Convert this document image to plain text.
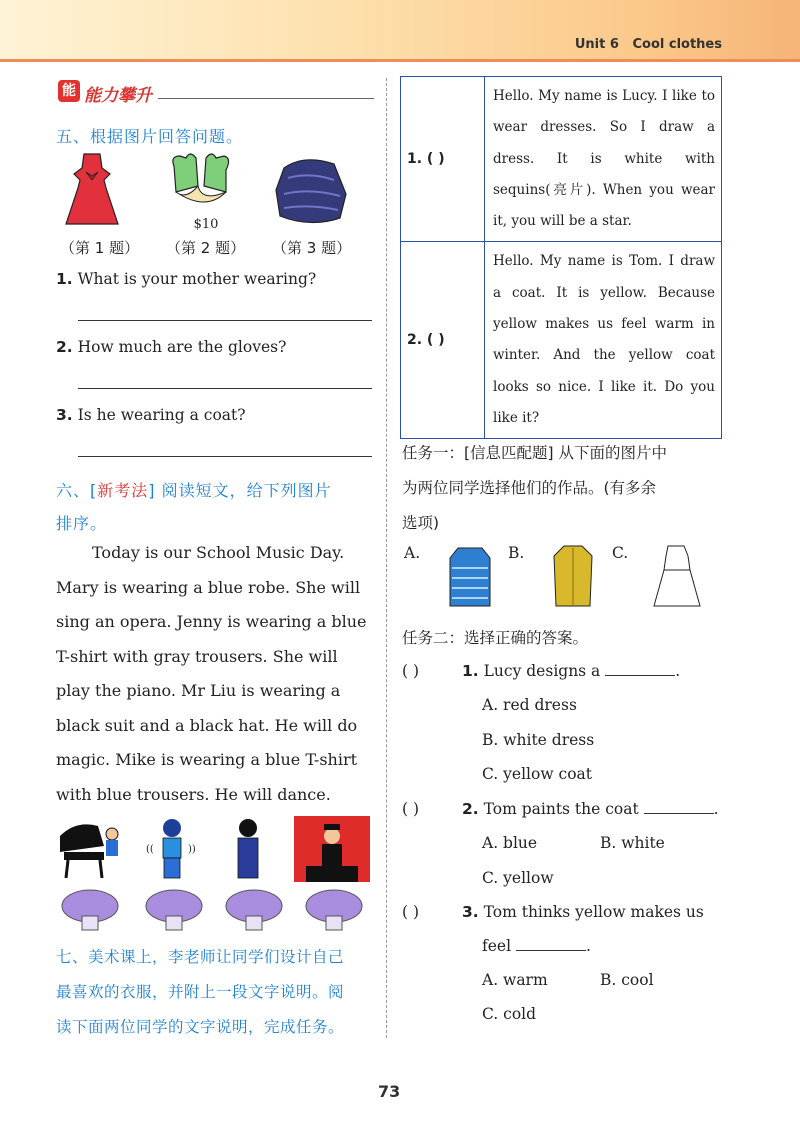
Unit 6 Cool clothes
能 能力攀升
五、根据图片回答问题。
$10
（第 1 题） （第 2 题） （第 3 题）
1. What is your mother wearing?
2. How much are the gloves?
3. Is he wearing a coat?
六、[新考法] 阅读短文，给下列图片
排序。
Today is our School Music Day.
Mary is wearing a blue robe. She will
sing an opera. Jenny is wearing a blue
T-shirt with gray trousers. She will
play the piano. Mr Liu is wearing a
black suit and a black hat. He will do
magic. Mike is wearing a blue T-shirt
with blue trousers. He will dance.
((	))
七、美术课上，李老师让同学们设计自己
最喜欢的衣服，并附上一段文字说明。阅
读下面两位同学的文字说明，完成任务。
1. ( )	Hello. My name is Lucy. I like to wear dresses. So I draw a dress. It is white with sequins(亮片). When you wear it, you will be a star.
2. ( )	Hello. My name is Tom. I draw a coat. It is yellow. Because yellow makes us feel warm in winter. And the yellow coat looks so nice. I like it. Do you like it?
任务一：[信息匹配题] 从下面的图片中
为两位同学选择他们的作品。(有多余
选项)
A.	B.	C.
任务二：选择正确的答案。
( )	1. Lucy designs a	.
A. red dress
B. white dress
C. yellow coat
( )	2. Tom paints the coat	.
A. blue	B. white
C. yellow
( )	3. Tom thinks yellow makes us
feel	.
A. warm	B. cool
C. cold
73
